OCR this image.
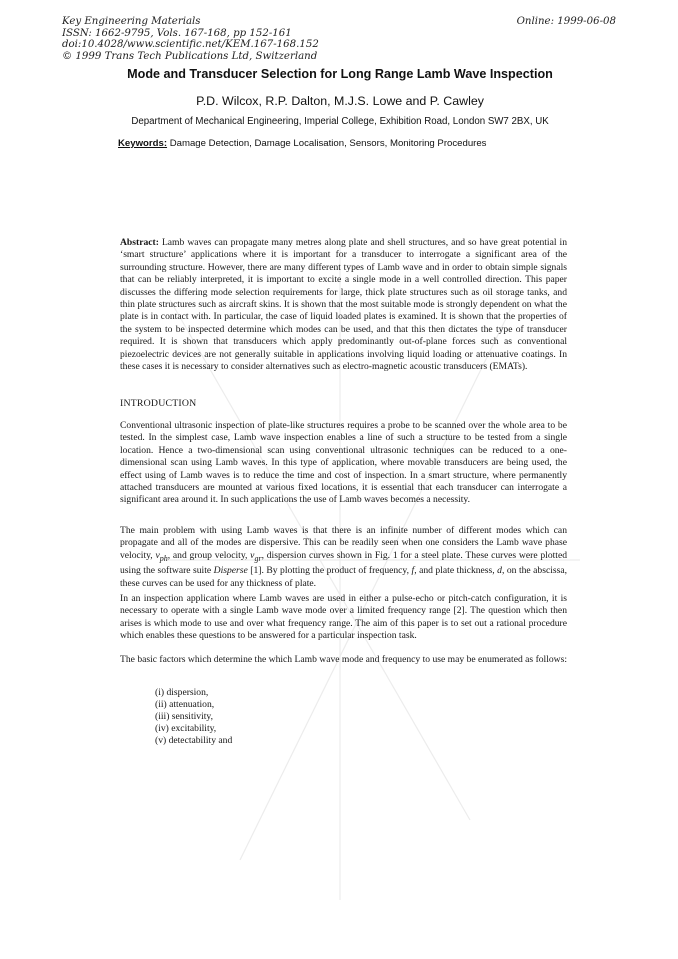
Key Engineering Materials
ISSN: 1662-9795, Vols. 167-168, pp 152-161
doi:10.4028/www.scientific.net/KEM.167-168.152
© 1999 Trans Tech Publications Ltd, Switzerland
Online: 1999-06-08
Mode and Transducer Selection for Long Range Lamb Wave Inspection
P.D. Wilcox, R.P. Dalton, M.J.S. Lowe and P. Cawley
Department of Mechanical Engineering, Imperial College, Exhibition Road, London SW7 2BX, UK
Keywords: Damage Detection, Damage Localisation, Sensors, Monitoring Procedures

Abstract: Lamb waves can propagate many metres along plate and shell structures, and so have great potential in ‘smart structure’ applications where it is important for a transducer to interrogate a significant area of the surrounding structure. However, there are many different types of Lamb wave and in order to obtain simple signals that can be reliably interpreted, it is important to excite a single mode in a well controlled direction. This paper discusses the differing mode selection requirements for large, thick plate structures such as oil storage tanks, and thin plate structures such as aircraft skins. It is shown that the most suitable mode is strongly dependent on what the plate is in contact with. In particular, the case of liquid loaded plates is examined. It is shown that the properties of the system to be inspected determine which modes can be used, and that this then dictates the type of transducer required. It is shown that transducers which apply predominantly out-of-plane forces such as conventional piezoelectric devices are not generally suitable in applications involving liquid loading or attenuative coatings. In these cases it is necessary to consider alternatives such as electro-magnetic acoustic transducers (EMATs).

INTRODUCTION

Conventional ultrasonic inspection of plate-like structures requires a probe to be scanned over the whole area to be tested. In the simplest case, Lamb wave inspection enables a line of such a structure to be tested from a single location. Hence a two-dimensional scan using conventional ultrasonic techniques can be reduced to a one-dimensional scan using Lamb waves. In this type of application, where movable transducers are being used, the effect using of Lamb waves is to reduce the time and cost of inspection. In a smart structure, where permanently attached transducers are mounted at various fixed locations, it is essential that each transducer can interrogate a significant area around it. In such applications the use of Lamb waves becomes a necessity.

The main problem with using Lamb waves is that there is an infinite number of different modes which can propagate and all of the modes are dispersive. This can be readily seen when one considers the Lamb wave phase velocity, $v_{ph}$, and group velocity, $v_{gr}$, dispersion curves shown in Fig. 1 for a steel plate. These curves were plotted using the software suite Disperse [1]. By plotting the product of frequency, f, and plate thickness, d, on the abscissa, these curves can be used for any thickness of plate.

In an inspection application where Lamb waves are used in either a pulse-echo or pitch-catch configuration, it is necessary to operate with a single Lamb wave mode over a limited frequency range [2]. The question which then arises is which mode to use and over what frequency range. The aim of this paper is to set out a rational procedure which enables these questions to be answered for a particular inspection task.

The basic factors which determine the which Lamb wave mode and frequency to use may be enumerated as follows:

(i) dispersion,
(ii) attenuation,
(iii) sensitivity,
(iv) excitability,
(v) detectability and
